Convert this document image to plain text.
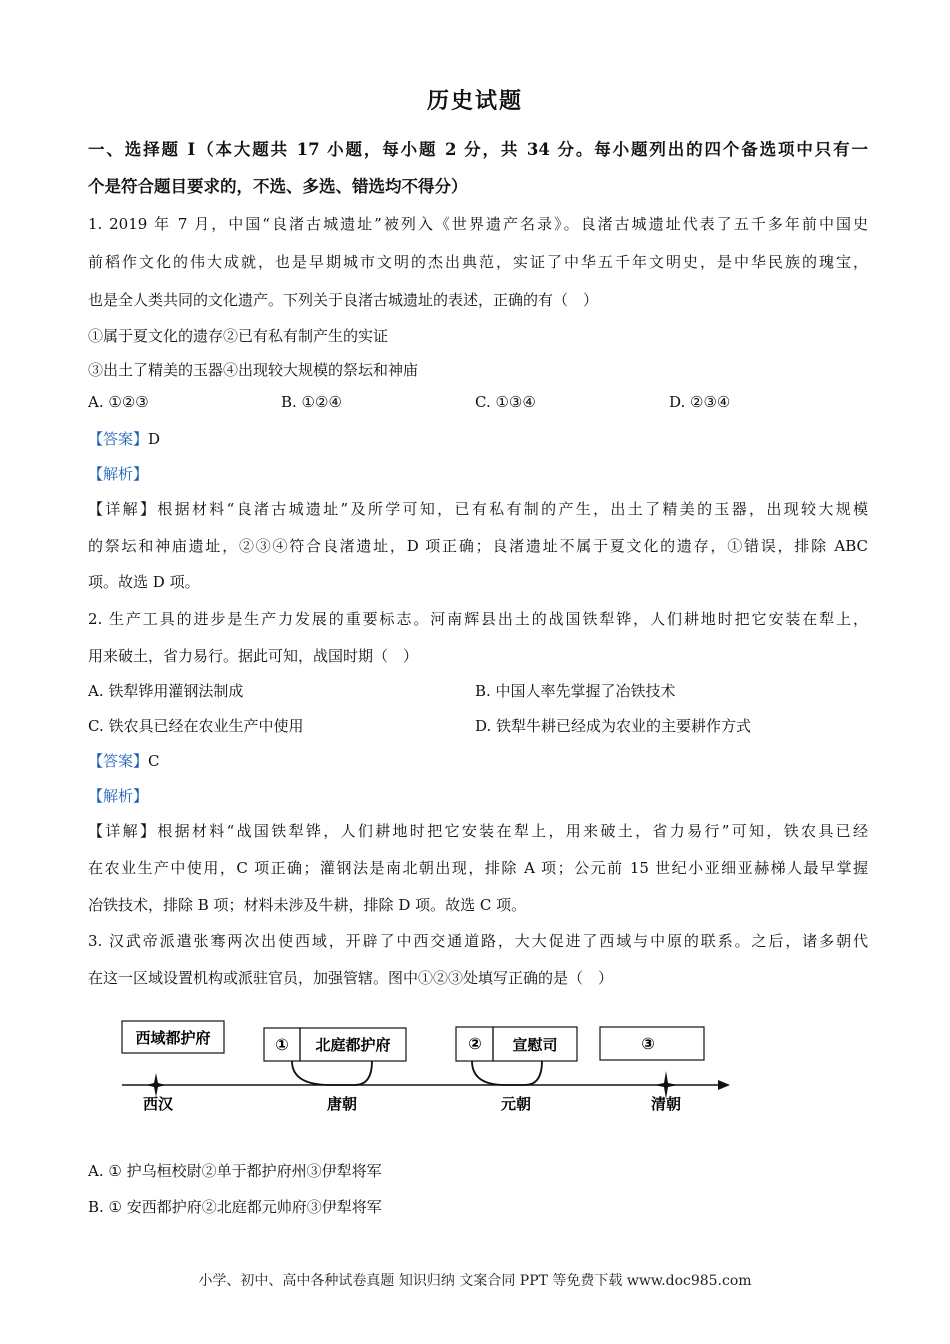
历史试题
一、选择题 I（本大题共 17 小题，每小题 2 分，共 34 分。每小题列出的四个备选项中只有一
个是符合题目要求的，不选、多选、错选均不得分）
1. 2019 年 7 月，中国“良渚古城遗址”被列入《世界遗产名录》。良渚古城遗址代表了五千多年前中国史
前稻作文化的伟大成就，也是早期城市文明的杰出典范，实证了中华五千年文明史，是中华民族的瑰宝，
也是全人类共同的文化遗产。下列关于良渚古城遗址的表述，正确的有（　）
①属于夏文化的遗存②已有私有制产生的实证
③出土了精美的玉器④出现较大规模的祭坛和神庙
A. ①②③	B. ①②④	C. ①③④	D. ②③④
【答案】D
【解析】
【详解】根据材料“良渚古城遗址”及所学可知，已有私有制的产生，出土了精美的玉器，出现较大规模
的祭坛和神庙遗址，②③④符合良渚遗址，D 项正确；良渚遗址不属于夏文化的遗存，①错误，排除 ABC
项。故选 D 项。
2. 生产工具的进步是生产力发展的重要标志。河南辉县出土的战国铁犁铧，人们耕地时把它安装在犁上，
用来破土，省力易行。据此可知，战国时期（　）
A. 铁犁铧用灌钢法制成	B. 中国人率先掌握了冶铁技术
C. 铁农具已经在农业生产中使用	D. 铁犁牛耕已经成为农业的主要耕作方式
【答案】C
【解析】
【详解】根据材料“战国铁犁铧，人们耕地时把它安装在犁上，用来破土，省力易行”可知，铁农具已经
在农业生产中使用，C 项正确；灌钢法是南北朝出现，排除 A 项；公元前 15 世纪小亚细亚赫梯人最早掌握
冶铁技术，排除 B 项；材料未涉及牛耕，排除 D 项。故选 C 项。
3. 汉武帝派遣张骞两次出使西域，开辟了中西交通道路，大大促进了西域与中原的联系。之后，诸多朝代
在这一区域设置机构或派驻官员，加强管辖。图中①②③处填写正确的是（　）
西域都护府	① 北庭都护府	② 宣慰司	③
西汉	唐朝	元朝	清朝
A. ① 护乌桓校尉②单于都护府州③伊犁将军
B. ① 安西都护府②北庭都元帅府③伊犁将军
小学、初中、高中各种试卷真题 知识归纳 文案合同 PPT 等免费下载 www.doc985.com
